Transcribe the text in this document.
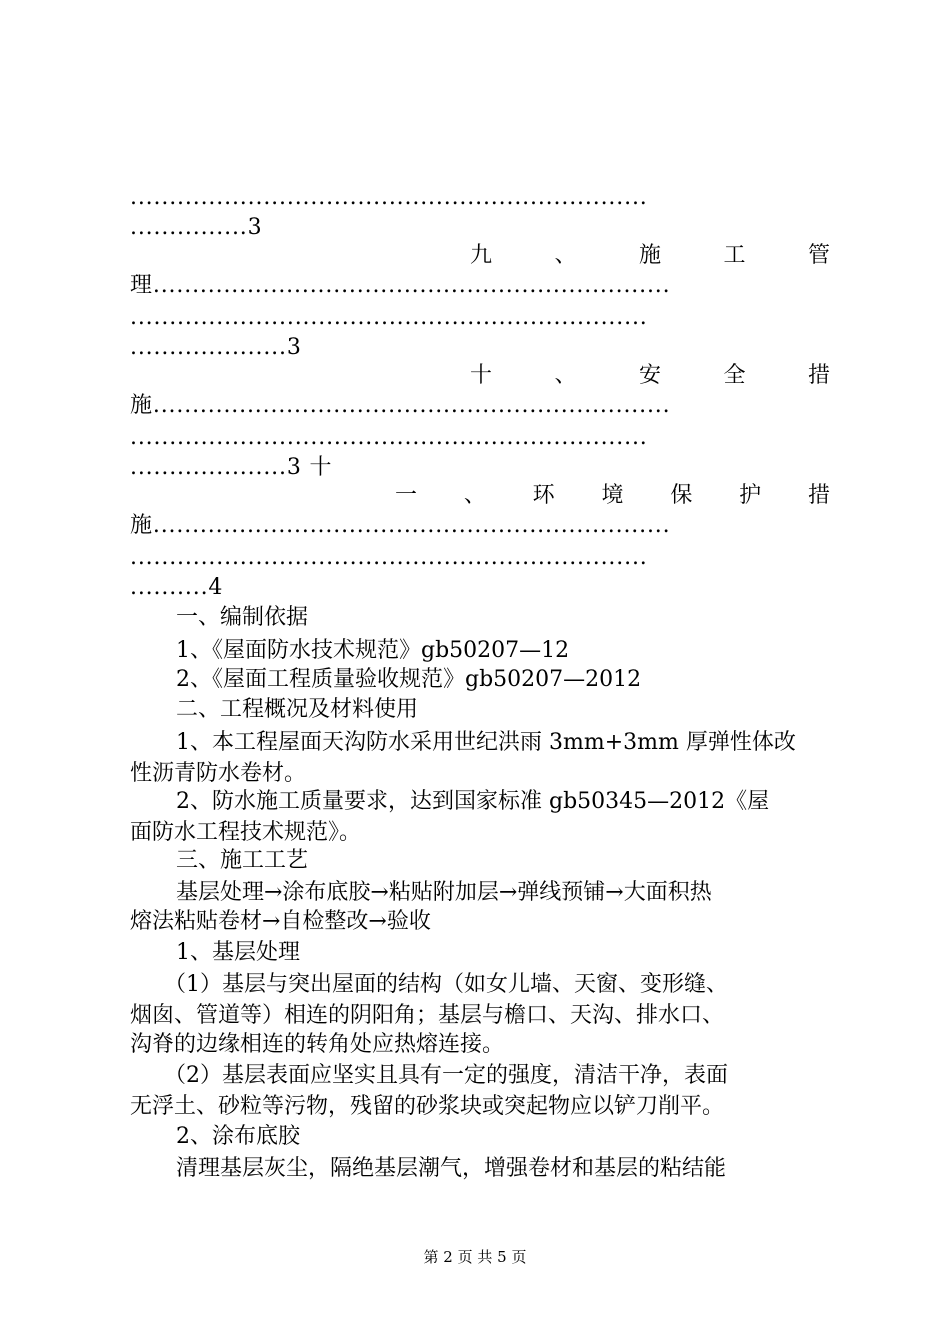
..................................................................
...............3
九	、	施	工	管
理..................................................................
..................................................................
....................3
十	、	安	全	措
施..................................................................
..................................................................
....................3 十
一 、 环 境 保 护 措
施..................................................................
..................................................................
..........4
一、编制依据
1、《屋面防水技术规范》gb50207—12
2、《屋面工程质量验收规范》gb50207—2012
二、工程概况及材料使用
1、本工程屋面天沟防水采用世纪洪雨 3mm+3mm 厚弹性体改
性沥青防水卷材。
2、防水施工质量要求，达到国家标准 gb50345—2012《屋
面防水工程技术规范》。
三、施工工艺
基层处理→涂布底胶→粘贴附加层→弹线预铺→大面积热
熔法粘贴卷材→自检整改→验收
1、基层处理
（1）基层与突出屋面的结构（如女儿墙、天窗、变形缝、
烟囱、管道等）相连的阴阳角；基层与檐口、天沟、排水口、
沟脊的边缘相连的转角处应热熔连接。
（2）基层表面应坚实且具有一定的强度，清洁干净，表面
无浮土、砂粒等污物，残留的砂浆块或突起物应以铲刀削平。
2、涂布底胶
清理基层灰尘，隔绝基层潮气，增强卷材和基层的粘结能
第 2 页 共 5 页
